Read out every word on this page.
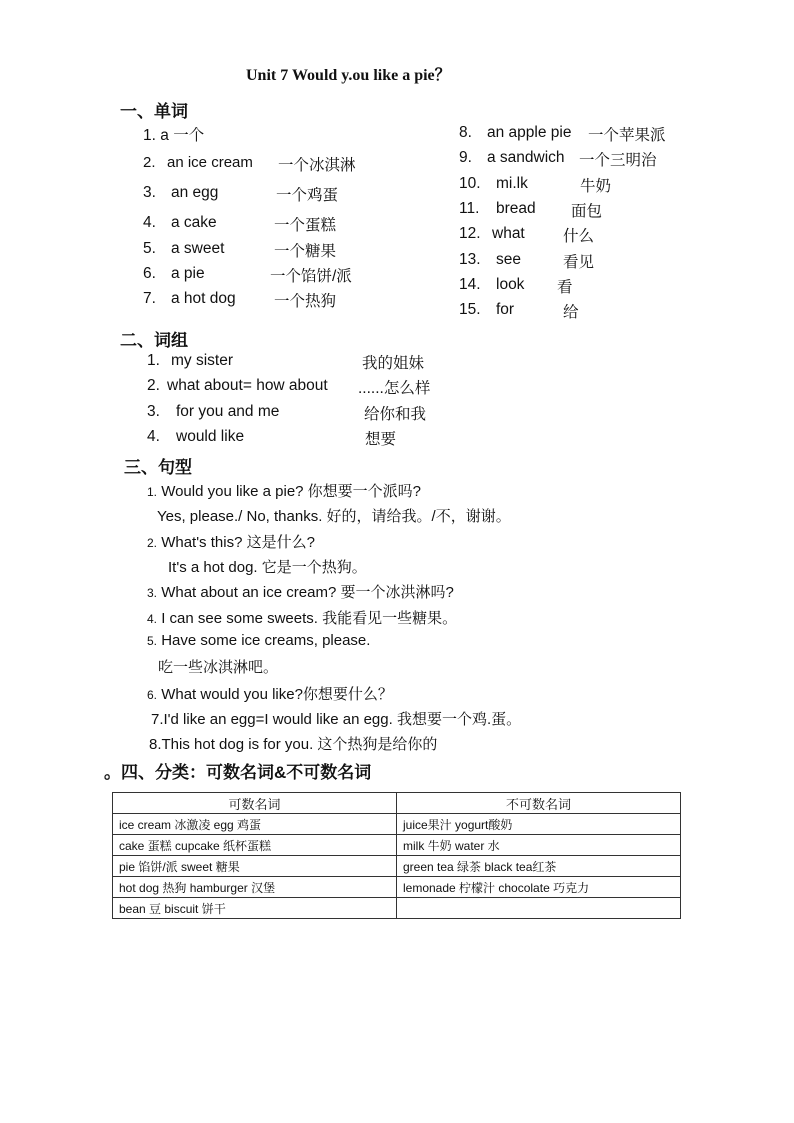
Unit 7 Would y.ou like a pie？
一、单词
1. a 一个
2. an ice cream 一个冰淇淋
3. an egg	一个鸡蛋
4. a cake	一个蛋糕
5. a sweet	一个糖果
6. a pie	一个馅饼/派
7. a hot dog 一个热狗
8. an apple pie 一个苹果派
9. a sandwich 一个三明治
10. mi.lk	牛奶
11. bread 面包
12. what 什么
13. see	看见
14. look 看
15. for	给
二、词组
1. my sister	我的姐妹
2. what about= how about ......怎么样
3. for you and me	给你和我
4. would like	想要
三、句型
1. Would you like a pie? 你想要一个派吗?
Yes, please./ No, thanks. 好的，请给我。/不，谢谢。
2. What's this? 这是什么?
It's a hot dog. 它是一个热狗。
3. What about an ice cream? 要一个冰洪淋吗?
4. I can see some sweets. 我能看见一些糖果。
5. Have some ice creams, please.
吃一些冰淇淋吧。
6. What would you like?你想要什么？
7.I'd like an egg=I would like an egg. 我想要一个鸡.蛋。
8.This hot dog is for you. 这个热狗是给你的
。四、分类：可数名词&不可数名词
可数名词	不可数名词
ice cream 冰激凌 egg 鸡蛋	juice果汁 yogurt酸奶
cake 蛋糕 cupcake 纸杯蛋糕	milk 牛奶 water 水
pie 馅饼/派 sweet 糖果	green tea 绿茶 black tea红茶
hot dog 热狗 hamburger 汉堡	lemonade 柠檬汁 chocolate 巧克力
bean 豆 biscuit 饼干	
